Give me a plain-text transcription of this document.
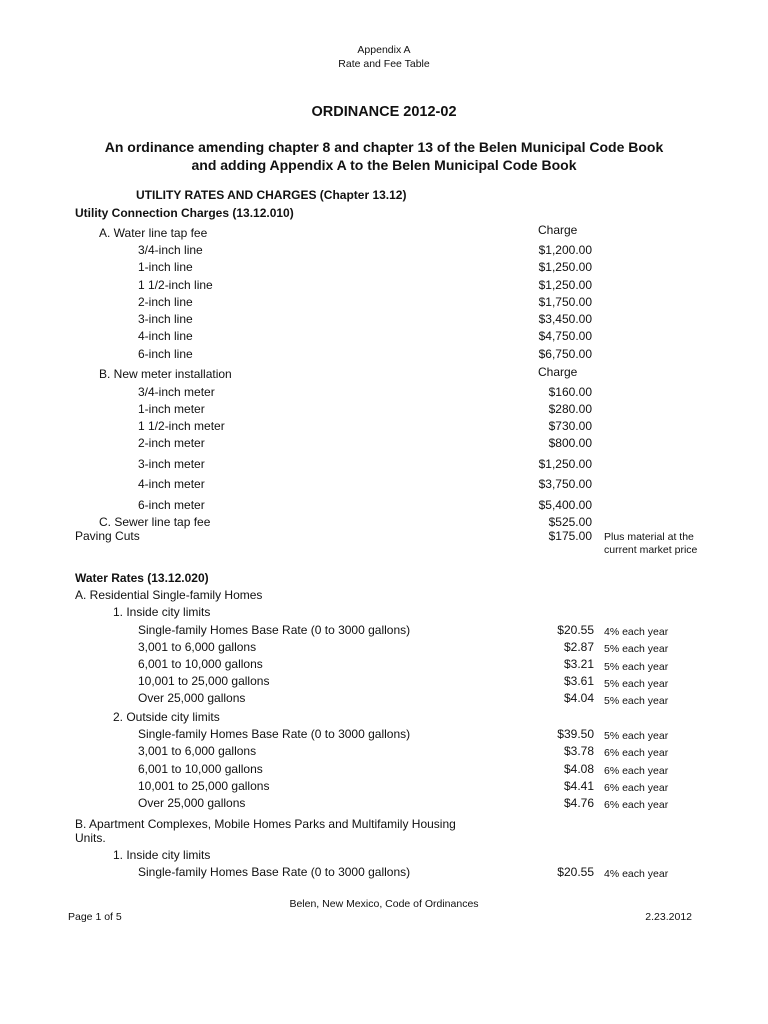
Appendix A
Rate and Fee Table
ORDINANCE 2012-02
An ordinance amending chapter 8 and chapter 13 of the Belen Municipal Code Book
and adding Appendix A to the Belen Municipal Code Book
UTILITY RATES AND CHARGES (Chapter 13.12)
Utility Connection Charges (13.12.010)
A. Water line tap fee	Charge
3/4-inch line	$1,200.00
1-inch line	$1,250.00
1 1/2-inch line	$1,250.00
2-inch line	$1,750.00
3-inch line	$3,450.00
4-inch line	$4,750.00
6-inch line	$6,750.00
B. New meter installation	Charge
3/4-inch meter	$160.00
1-inch meter	$280.00
1 1/2-inch meter	$730.00
2-inch meter	$800.00
3-inch meter	$1,250.00
4-inch meter	$3,750.00
6-inch meter	$5,400.00
C. Sewer line tap fee	$525.00
Paving Cuts	$175.00 Plus material at the current market price
Water Rates (13.12.020)
A. Residential Single-family Homes
1. Inside city limits
Single-family Homes Base Rate (0 to 3000 gallons)	$20.55 4% each year
3,001 to 6,000 gallons	$2.87 5% each year
6,001 to 10,000 gallons	$3.21 5% each year
10,001 to 25,000 gallons	$3.61 5% each year
Over 25,000 gallons	$4.04 5% each year
2. Outside city limits
Single-family Homes Base Rate (0 to 3000 gallons)	$39.50 5% each year
3,001 to 6,000 gallons	$3.78 6% each year
6,001 to 10,000 gallons	$4.08 6% each year
10,001 to 25,000 gallons	$4.41 6% each year
Over 25,000 gallons	$4.76 6% each year
B. Apartment Complexes, Mobile Homes Parks and Multifamily Housing
Units.
1. Inside city limits
Single-family Homes Base Rate (0 to 3000 gallons)	$20.55 4% each year
Belen, New Mexico, Code of Ordinances
Page 1 of 5	2.23.2012
